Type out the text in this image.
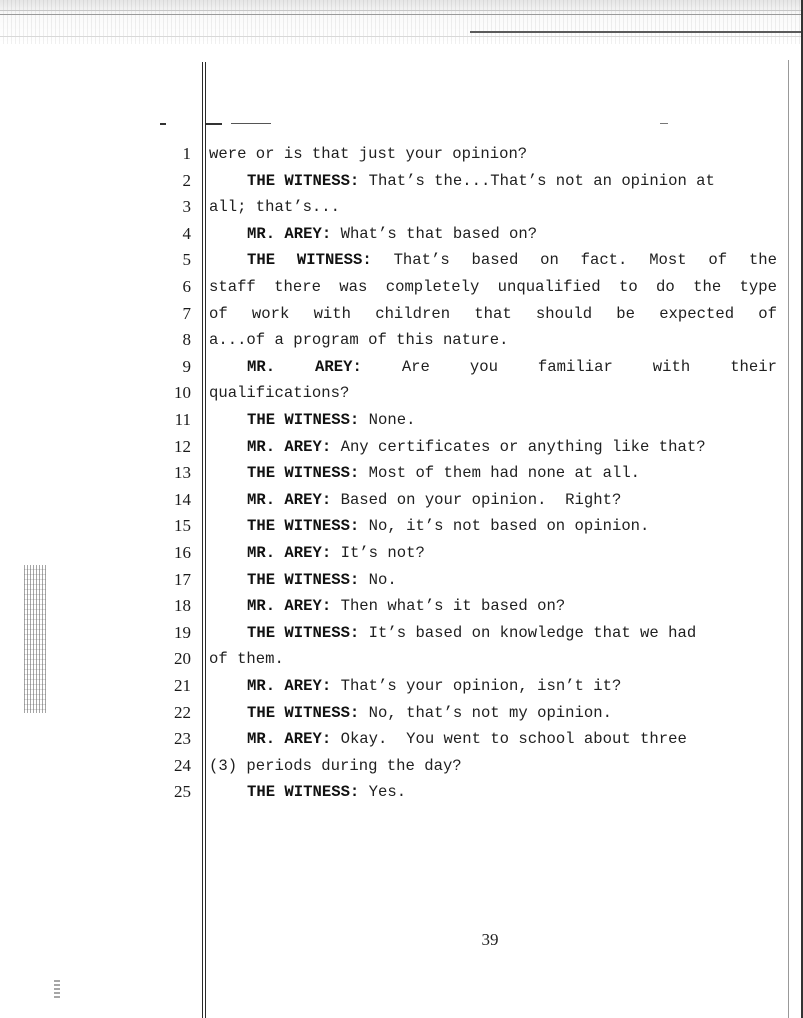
1 were or is that just your opinion?
2	THE WITNESS: That’s the...That’s not an opinion at
3 all; that’s...
4	MR. AREY: What’s that based on?
5	THE WITNESS: That’s based on fact. Most of the
6 staff there was completely unqualified to do the type
7 of work with children that should be expected of
8 a...of a program of this nature.
9	MR. AREY:	Are you familiar with their
10 qualifications?
11	THE WITNESS: None.
12	MR. AREY: Any certificates or anything like that?
13	THE WITNESS: Most of them had none at all.
14	MR. AREY: Based on your opinion.  Right?
15	THE WITNESS: No, it’s not based on opinion.
16	MR. AREY: It’s not?
17	THE WITNESS: No.
18	MR. AREY: Then what’s it based on?
19	THE WITNESS: It’s based on knowledge that we had
20 of them.
21	MR. AREY: That’s your opinion, isn’t it?
22	THE WITNESS: No, that’s not my opinion.
23	MR. AREY: Okay.  You went to school about three
24 (3) periods during the day?
25	THE WITNESS: Yes.
39
